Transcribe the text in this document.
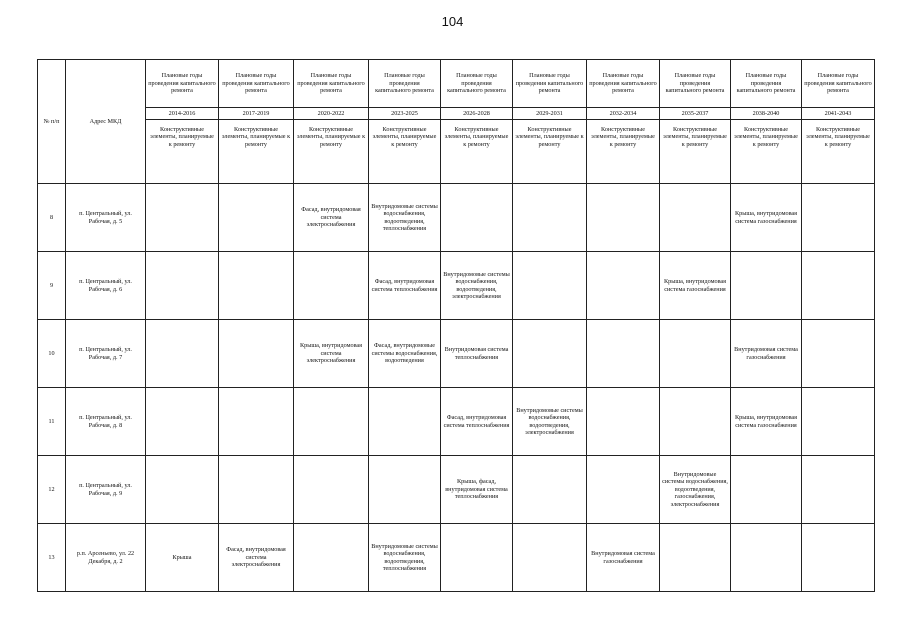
104
№ п/п	Адрес МКД	Плановые годы проведения капитального ремонта	Плановые годы проведения капитального ремонта	Плановые годы проведения капитального ремонта	Плановые годы проведения капитального ремонта	Плановые годы проведения капитального ремонта	Плановые годы проведения капитального ремонта	Плановые годы проведения капитального ремонта	Плановые годы проведения капитального ремонта	Плановые годы проведения капитального ремонта	Плановые годы проведения капитального ремонта
		2014-2016	2017-2019	2020-2022	2023-2025	2026-2028	2029-2031	2032-2034	2035-2037	2038-2040	2041-2043
		Конструктивные элементы, планируемые к ремонту	Конструктивные элементы, планируемые к ремонту	Конструктивные элементы, планируемые к ремонту	Конструктивные элементы, планируемые к ремонту	Конструктивные элементы, планируемые к ремонту	Конструктивные элементы, планируемые к ремонту	Конструктивные элементы, планируемые к ремонту	Конструктивные элементы, планируемые к ремонту	Конструктивные элементы, планируемые к ремонту	Конструктивные элементы, планируемые к ремонту
8	п. Центральный, ул. Рабочая, д. 5			Фасад, внутридомовая система электроснабжения	Внутридомовые системы водоснабжения, водоотведения, теплоснабжения					Крыша, внутридомовая система газоснабжения	
9	п. Центральный, ул. Рабочая, д. 6				Фасад, внутридомовая система теплоснабжения	Внутридомовые системы водоснабжения, водоотведения, электроснабжения			Крыша, внутридомовая система газоснабжения		
10	п. Центральный, ул. Рабочая, д. 7			Крыша, внутридомовая система электроснабжения	Фасад, внутридомовые системы водоснабжения, водоотведения	Внутридомовая система теплоснабжения				Внутридомовая система газоснабжения	
11	п. Центральный, ул. Рабочая, д. 8					Фасад, внутридомовая система теплоснабжения	Внутридомовые системы водоснабжения, водоотведения, электроснабжения			Крыша, внутридомовая система газоснабжения	
12	п. Центральный, ул. Рабочая, д. 9					Крыша, фасад, внутридомовая система теплоснабжения			Внутридомовые системы водоснабжения, водоотведения, газоснабжения, электроснабжения		
13	р.п. Арсеньево, ул. 22 Декабря, д. 2	Крыша	Фасад, внутридомовая система электроснабжения		Внутридомовые системы водоснабжения, водоотведения, теплоснабжения			Внутридомовая система газоснабжения			
